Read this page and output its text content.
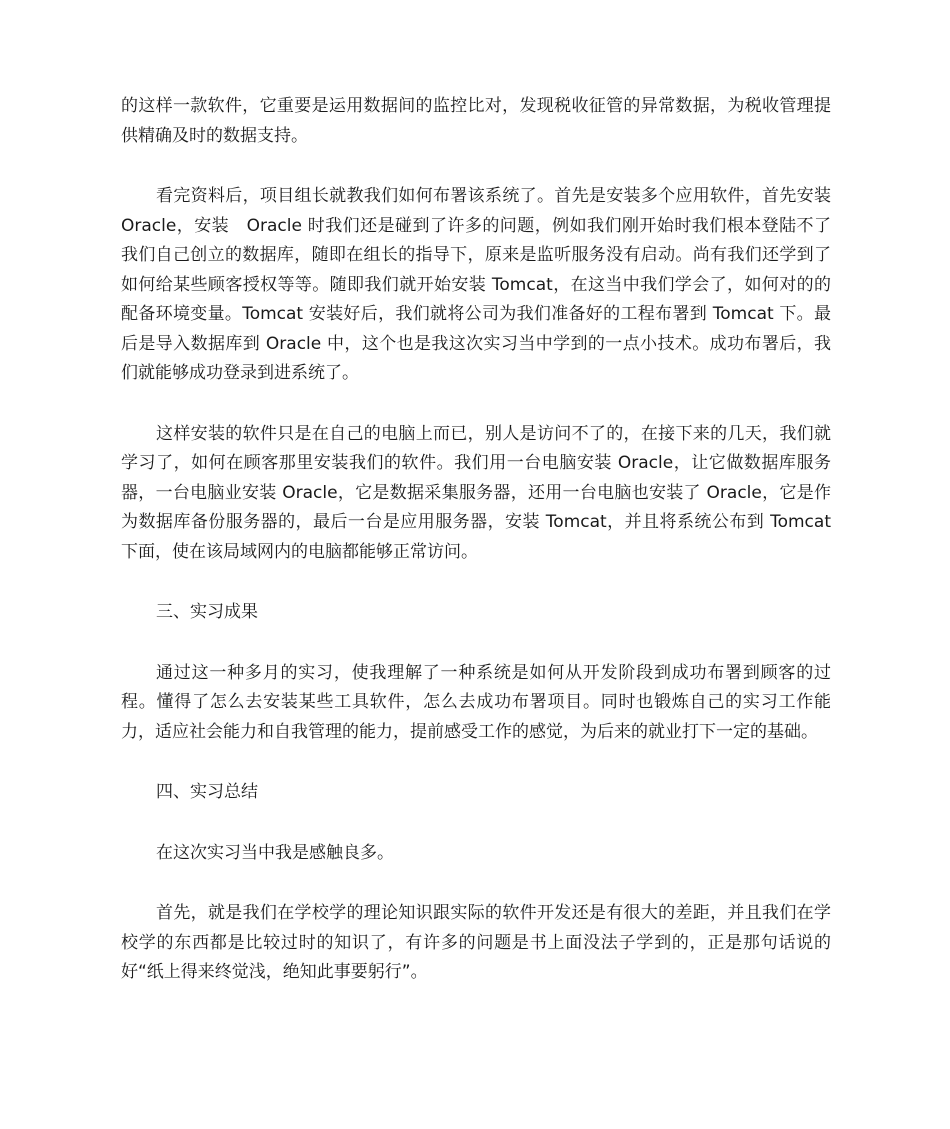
的这样一款软件，它重要是运用数据间的监控比对，发现税收征管的异常数据，为税收管理提供精确及时的数据支持。

看完资料后，项目组长就教我们如何布署该系统了。首先是安装多个应用软件，首先安装 Oracle，安装　Oracle 时我们还是碰到了许多的问题，例如我们刚开始时我们根本登陆不了我们自己创立的数据库，随即在组长的指导下，原来是监听服务没有启动。尚有我们还学到了如何给某些顾客授权等等。随即我们就开始安装 Tomcat，在这当中我们学会了，如何对的的配备环境变量。Tomcat 安装好后，我们就将公司为我们准备好的工程布署到 Tomcat 下。最后是导入数据库到 Oracle 中，这个也是我这次实习当中学到的一点小技术。成功布署后，我们就能够成功登录到进系统了。

这样安装的软件只是在自己的电脑上而已，别人是访问不了的，在接下来的几天，我们就学习了，如何在顾客那里安装我们的软件。我们用一台电脑安装 Oracle，让它做数据库服务器，一台电脑业安装 Oracle，它是数据采集服务器，还用一台电脑也安装了 Oracle，它是作为数据库备份服务器的，最后一台是应用服务器，安装 Tomcat，并且将系统公布到 Tomcat 下面，使在该局域网内的电脑都能够正常访问。

三、实习成果

通过这一种多月的实习，使我理解了一种系统是如何从开发阶段到成功布署到顾客的过程。懂得了怎么去安装某些工具软件，怎么去成功布署项目。同时也锻炼自己的实习工作能力，适应社会能力和自我管理的能力，提前感受工作的感觉，为后来的就业打下一定的基础。

四、实习总结

在这次实习当中我是感触良多。

首先，就是我们在学校学的理论知识跟实际的软件开发还是有很大的差距，并且我们在学校学的东西都是比较过时的知识了，有许多的问题是书上面没法子学到的，正是那句话说的好“纸上得来终觉浅，绝知此事要躬行”。
